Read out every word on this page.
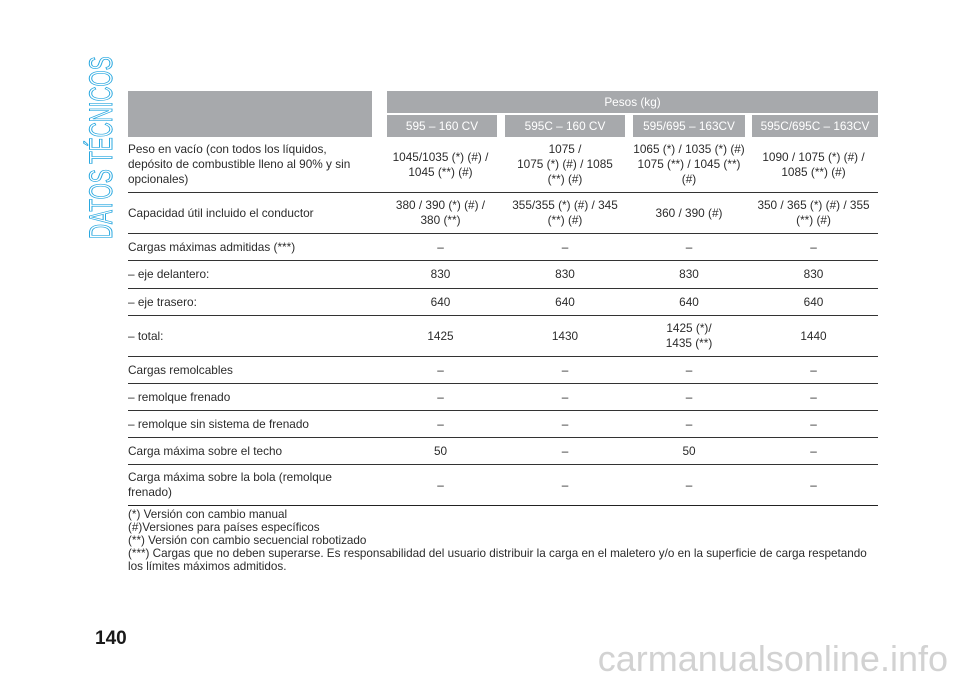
DATOS TÉCNICOS

	Pesos (kg)			

	595 – 160 CV	595C – 160 CV	595/695 – 163CV	595C/695C – 163CV

Peso en vacío (con todos los líquidos,
depósito de combustible lleno al 90% y sin
opcionales)	1045/1035 (*) (#) /
1045 (**) (#)	1075 /
1075 (*) (#) / 1085
(**) (#)	1065 (*) / 1035 (*) (#)
1075 (**) / 1045 (**)
(#)	1090 / 1075 (*) (#) /
1085 (**) (#)
Capacidad útil incluido el conductor	380 / 390 (*) (#) /
380 (**)	355/355 (*) (#) / 345
(**) (#)	360 / 390 (#)	350 / 365 (*) (#) / 355
(**) (#)
Cargas máximas admitidas (***)	–	–	–	–
– eje delantero:	830	830	830	830
– eje trasero:	640	640	640	640
– total:	1425	1430	1425 (*)/
1435 (**)	1440
Cargas remolcables	–	–	–	–
– remolque frenado	–	–	–	–
– remolque sin sistema de frenado	–	–	–	–
Carga máxima sobre el techo	50	–	50	–
Carga máxima sobre la bola (remolque
frenado)	–	–	–	–

(*) Versión con cambio manual

(#)Versiones para países específicos

(**) Versión con cambio secuencial robotizado

(***) Cargas que no deben superarse. Es responsabilidad del usuario distribuir la carga en el maletero y/o en la superficie de carga respetando
los límites máximos admitidos.

140	carmanualsonline.info
